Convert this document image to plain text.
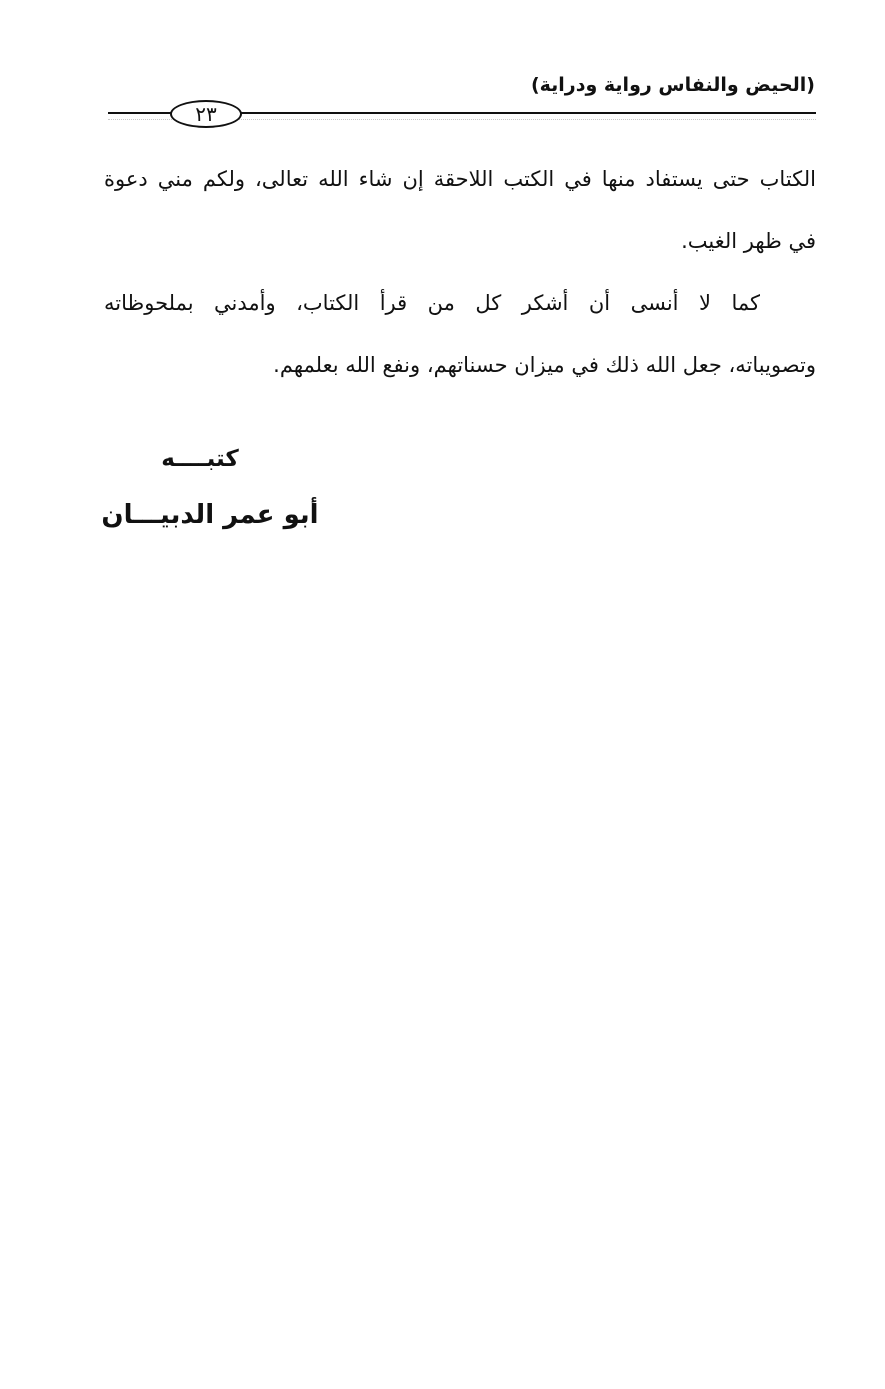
(الحيض والنفاس رواية ودراية)
٢٣
الكتاب حتى يستفاد منها في الكتب اللاحقة إن شاء الله تعالى، ولكم مني دعوة
في ظهر الغيب.
كما لا أنسى أن أشكر كل من قرأ الكتاب، وأمدني بملحوظاته
وتصويباته، جعل الله ذلك في ميزان حسناتهم، ونفع الله بعلمهم.
كتبــــه
أبو عمر الدبيـــان
